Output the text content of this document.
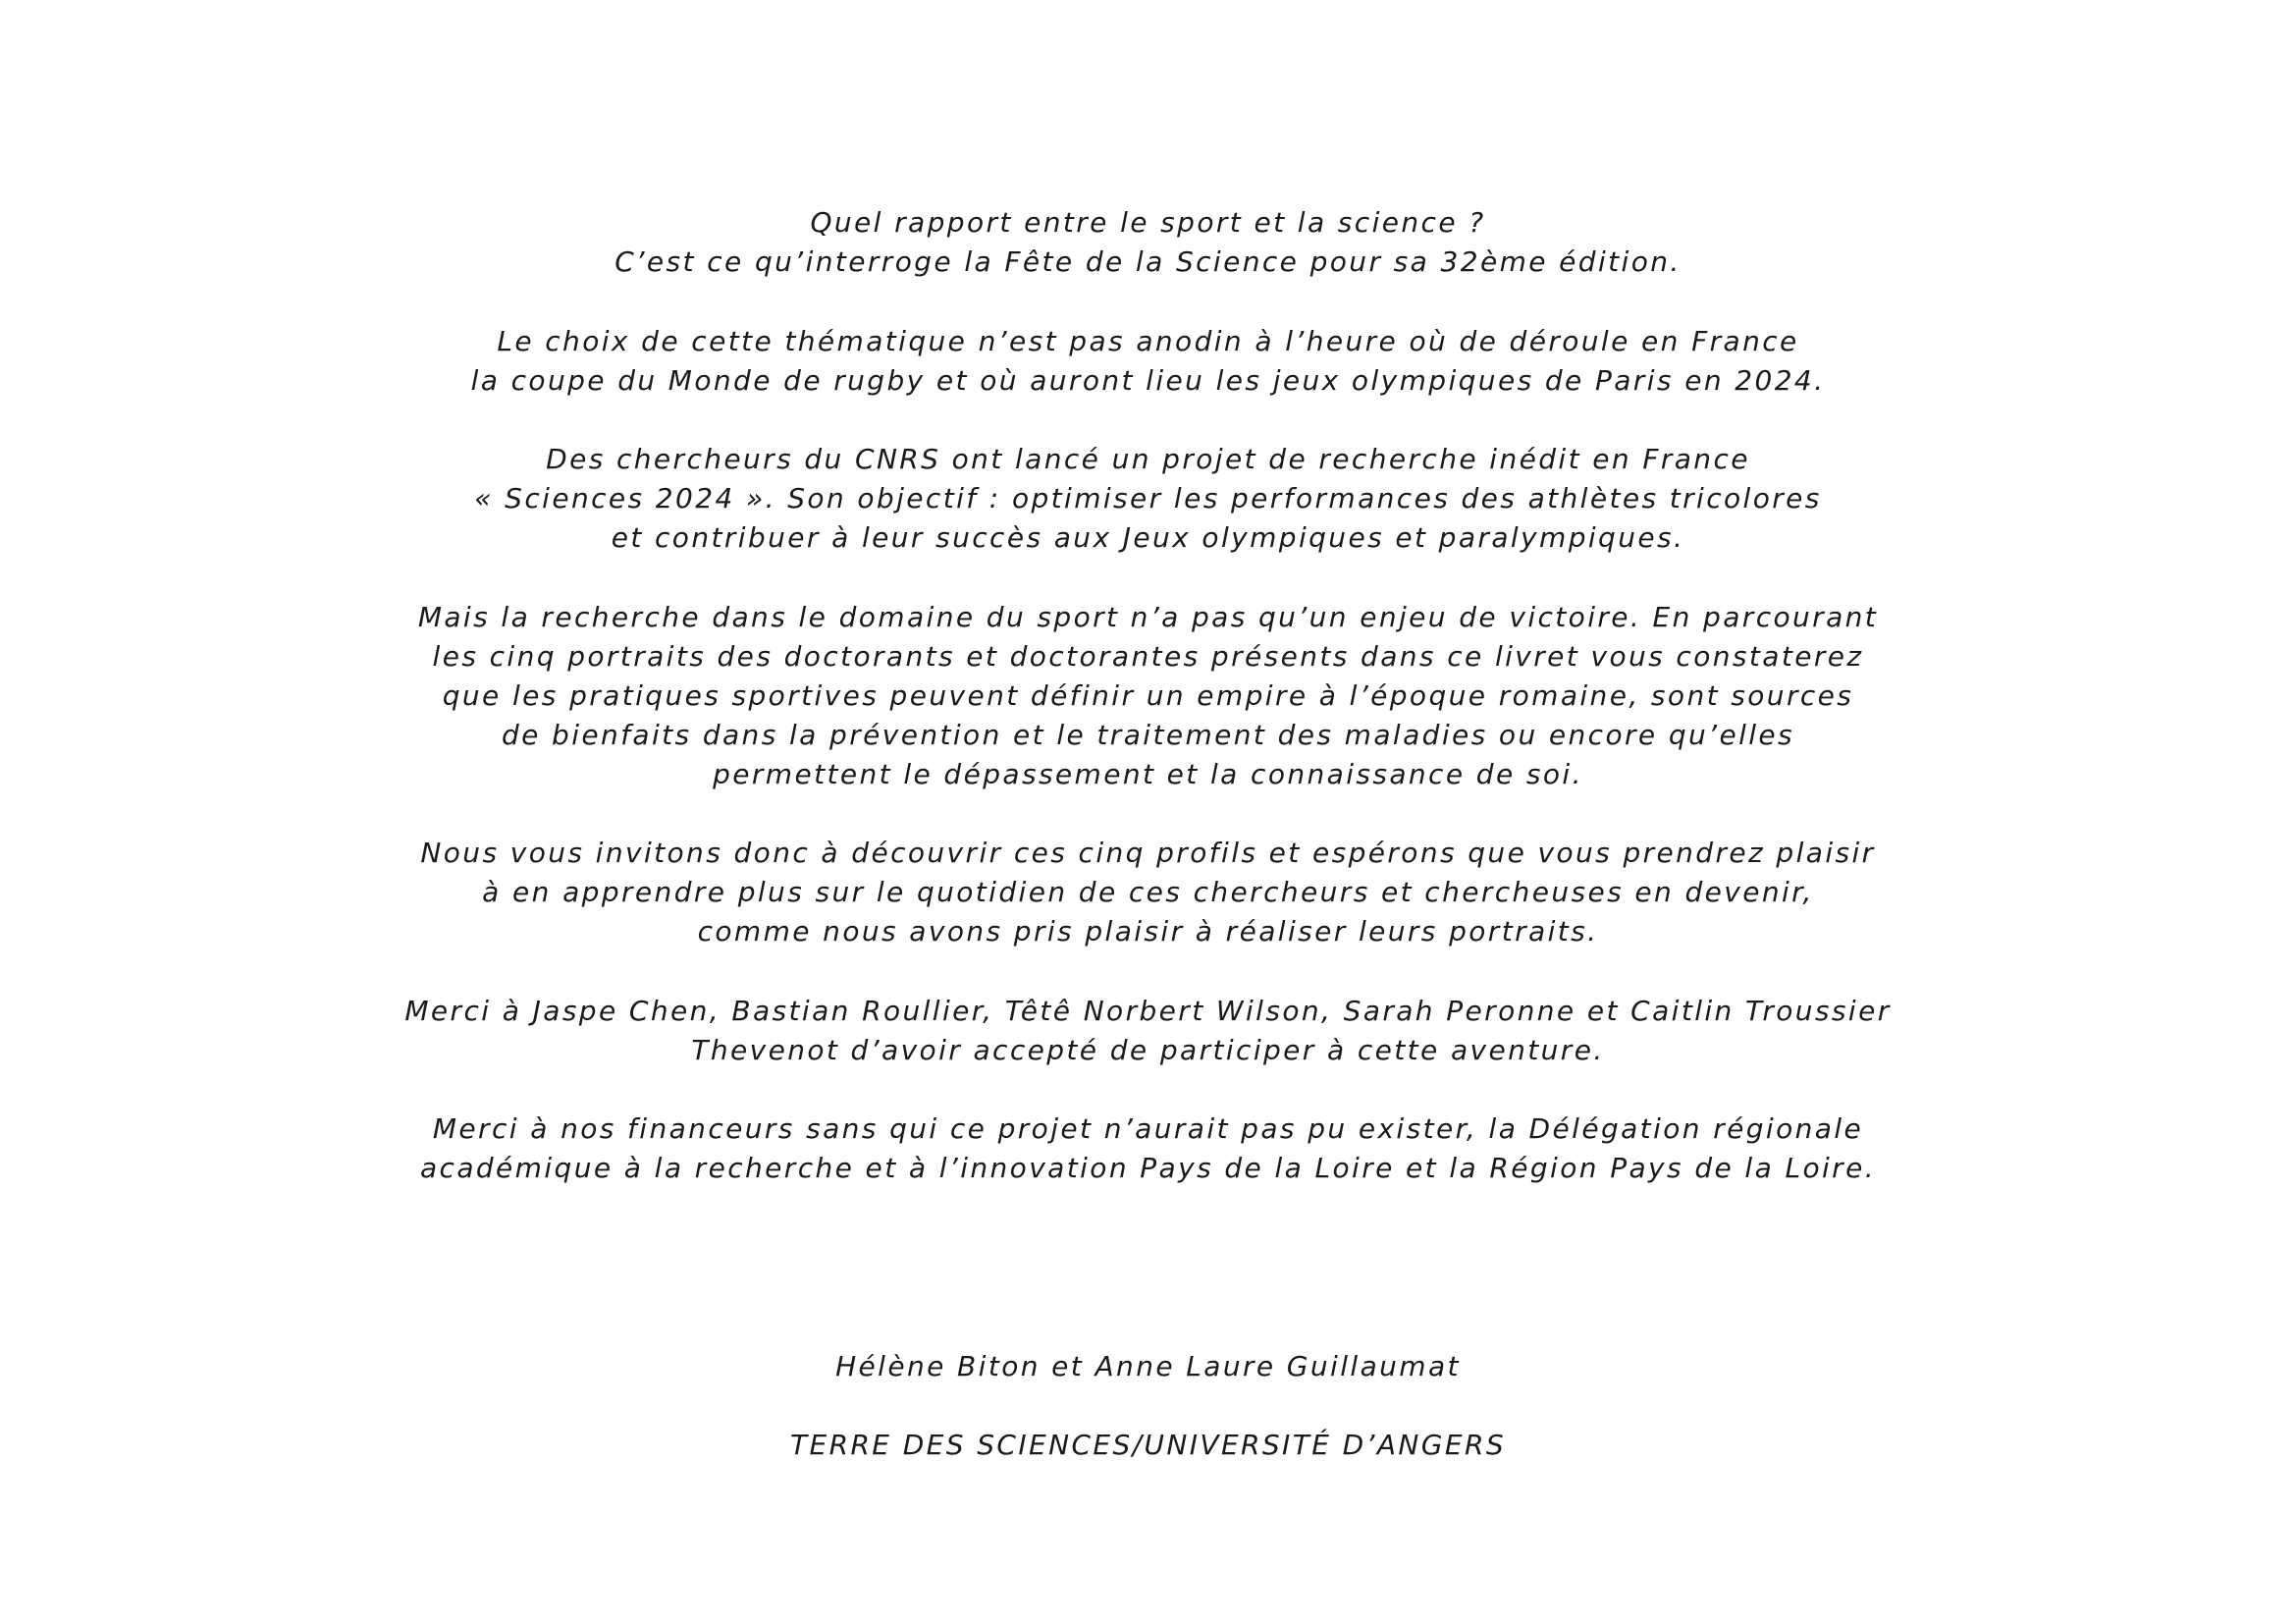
Quel rapport entre le sport et la science ?
C’est ce qu’interroge la Fête de la Science pour sa 32ème édition.
Le choix de cette thématique n’est pas anodin à l’heure où de déroule en France
la coupe du Monde de rugby et où auront lieu les jeux olympiques de Paris en 2024.
Des chercheurs du CNRS ont lancé un projet de recherche inédit en France
« Sciences 2024 ». Son objectif : optimiser les performances des athlètes tricolores
et contribuer à leur succès aux Jeux olympiques et paralympiques.
Mais la recherche dans le domaine du sport n’a pas qu’un enjeu de victoire. En parcourant
les cinq portraits des doctorants et doctorantes présents dans ce livret vous constaterez
que les pratiques sportives peuvent définir un empire à l’époque romaine, sont sources
de bienfaits dans la prévention et le traitement des maladies ou encore qu’elles
permettent le dépassement et la connaissance de soi.
Nous vous invitons donc à découvrir ces cinq profils et espérons que vous prendrez plaisir
à en apprendre plus sur le quotidien de ces chercheurs et chercheuses en devenir,
comme nous avons pris plaisir à réaliser leurs portraits.
Merci à Jaspe Chen, Bastian Roullier, Têtê Norbert Wilson, Sarah Peronne et Caitlin Troussier
Thevenot d’avoir accepté de participer à cette aventure.
Merci à nos financeurs sans qui ce projet n’aurait pas pu exister, la Délégation régionale
académique à la recherche et à l’innovation Pays de la Loire et la Région Pays de la Loire.
Hélène Biton et Anne Laure Guillaumat
TERRE DES SCIENCES/UNIVERSITÉ D’ANGERS
